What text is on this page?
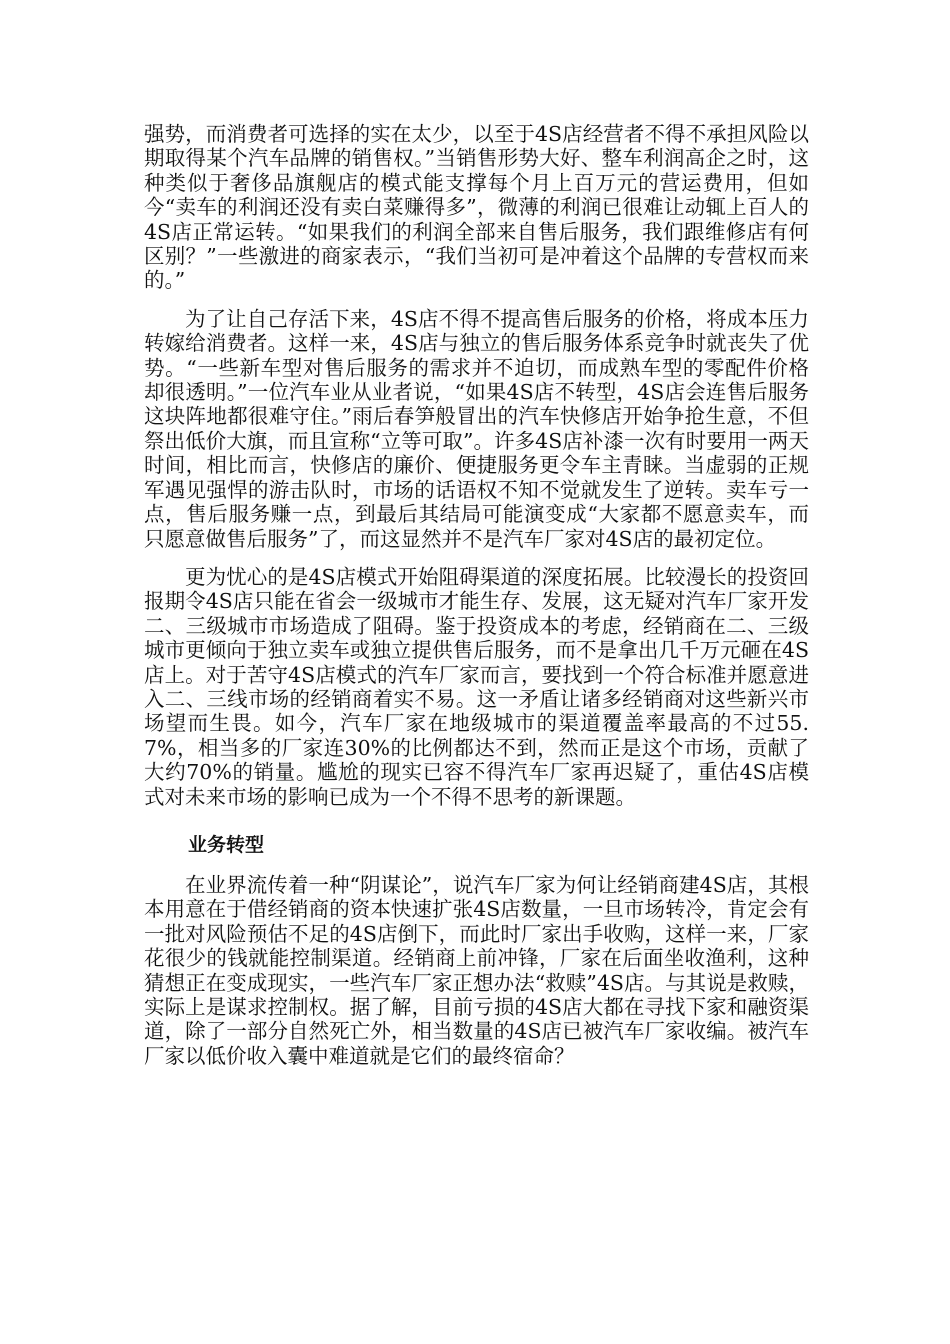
强势，而消费者可选择的实在太少，以至于4S店经营者不得不承担风险以期取得某个汽车品牌的销售权。”当销售形势大好、整车利润高企之时，这种类似于奢侈品旗舰店的模式能支撑每个月上百万元的营运费用，但如今“卖车的利润还没有卖白菜赚得多”，微薄的利润已很难让动辄上百人的4S店正常运转。“如果我们的利润全部来自售后服务，我们跟维修店有何区别？”一些激进的商家表示，“我们当初可是冲着这个品牌的专营权而来的。”

为了让自己存活下来，4S店不得不提高售后服务的价格，将成本压力转嫁给消费者。这样一来，4S店与独立的售后服务体系竞争时就丧失了优势。“一些新车型对售后服务的需求并不迫切，而成熟车型的零配件价格却很透明。”一位汽车业从业者说，“如果4S店不转型，4S店会连售后服务这块阵地都很难守住。”雨后春笋般冒出的汽车快修店开始争抢生意，不但祭出低价大旗，而且宣称“立等可取”。许多4S店补漆一次有时要用一两天时间，相比而言，快修店的廉价、便捷服务更令车主青睐。当虚弱的正规军遇见强悍的游击队时，市场的话语权不知不觉就发生了逆转。卖车亏一点，售后服务赚一点，到最后其结局可能演变成“大家都不愿意卖车，而只愿意做售后服务”了，而这显然并不是汽车厂家对4S店的最初定位。

更为忧心的是4S店模式开始阻碍渠道的深度拓展。比较漫长的投资回报期令4S店只能在省会一级城市才能生存、发展，这无疑对汽车厂家开发二、三级城市市场造成了阻碍。鉴于投资成本的考虑，经销商在二、三级城市更倾向于独立卖车或独立提供售后服务，而不是拿出几千万元砸在4S店上。对于苦守4S店模式的汽车厂家而言，要找到一个符合标准并愿意进入二、三线市场的经销商着实不易。这一矛盾让诸多经销商对这些新兴市场望而生畏。如今，汽车厂家在地级城市的渠道覆盖率最高的不过55.7%，相当多的厂家连30%的比例都达不到，然而正是这个市场，贡献了大约70%的销量。尴尬的现实已容不得汽车厂家再迟疑了，重估4S店模式对未来市场的影响已成为一个不得不思考的新课题。

业务转型

在业界流传着一种“阴谋论”，说汽车厂家为何让经销商建4S店，其根本用意在于借经销商的资本快速扩张4S店数量，一旦市场转冷，肯定会有一批对风险预估不足的4S店倒下，而此时厂家出手收购，这样一来，厂家花很少的钱就能控制渠道。经销商上前冲锋，厂家在后面坐收渔利，这种猜想正在变成现实，一些汽车厂家正想办法“救赎”4S店。与其说是救赎，实际上是谋求控制权。据了解，目前亏损的4S店大都在寻找下家和融资渠道，除了一部分自然死亡外，相当数量的4S店已被汽车厂家收编。被汽车厂家以低价收入囊中难道就是它们的最终宿命？
